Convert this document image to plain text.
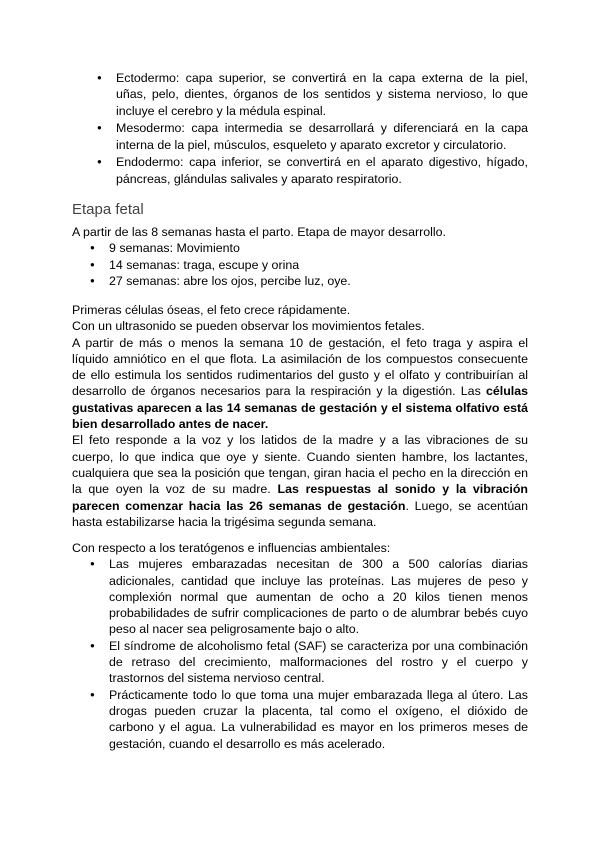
● Ectodermo: capa superior, se convertirá en la capa externa de la piel, uñas, pelo, dientes, órganos de los sentidos y sistema nervioso, lo que incluye el cerebro y la médula espinal.
● Mesodermo: capa intermedia se desarrollará y diferenciará en la capa interna de la piel, músculos, esqueleto y aparato excretor y circulatorio.
● Endodermo: capa inferior, se convertirá en el aparato digestivo, hígado, páncreas, glándulas salivales y aparato respiratorio.
Etapa fetal
A partir de las 8 semanas hasta el parto. Etapa de mayor desarrollo.
● 9 semanas: Movimiento
● 14 semanas: traga, escupe y orina
● 27 semanas: abre los ojos, percibe luz, oye.
Primeras células óseas, el feto crece rápidamente.
Con un ultrasonido se pueden observar los movimientos fetales.
A partir de más o menos la semana 10 de gestación, el feto traga y aspira el líquido amniótico en el que flota. La asimilación de los compuestos consecuente de ello estimula los sentidos rudimentarios del gusto y el olfato y contribuirían al desarrollo de órganos necesarios para la respiración y la digestión. Las células gustativas aparecen a las 14 semanas de gestación y el sistema olfativo está bien desarrollado antes de nacer.
El feto responde a la voz y los latidos de la madre y a las vibraciones de su cuerpo, lo que indica que oye y siente. Cuando sienten hambre, los lactantes, cualquiera que sea la posición que tengan, giran hacia el pecho en la dirección en la que oyen la voz de su madre. Las respuestas al sonido y la vibración parecen comenzar hacia las 26 semanas de gestación. Luego, se acentúan hasta estabilizarse hacia la trigésima segunda semana.
Con respecto a los teratógenos e influencias ambientales:
● Las mujeres embarazadas necesitan de 300 a 500 calorías diarias adicionales, cantidad que incluye las proteínas. Las mujeres de peso y complexión normal que aumentan de ocho a 20 kilos tienen menos probabilidades de sufrir complicaciones de parto o de alumbrar bebés cuyo peso al nacer sea peligrosamente bajo o alto.
● El síndrome de alcoholismo fetal (SAF) se caracteriza por una combinación de retraso del crecimiento, malformaciones del rostro y el cuerpo y trastornos del sistema nervioso central.
● Prácticamente todo lo que toma una mujer embarazada llega al útero. Las drogas pueden cruzar la placenta, tal como el oxígeno, el dióxido de carbono y el agua. La vulnerabilidad es mayor en los primeros meses de gestación, cuando el desarrollo es más acelerado.
